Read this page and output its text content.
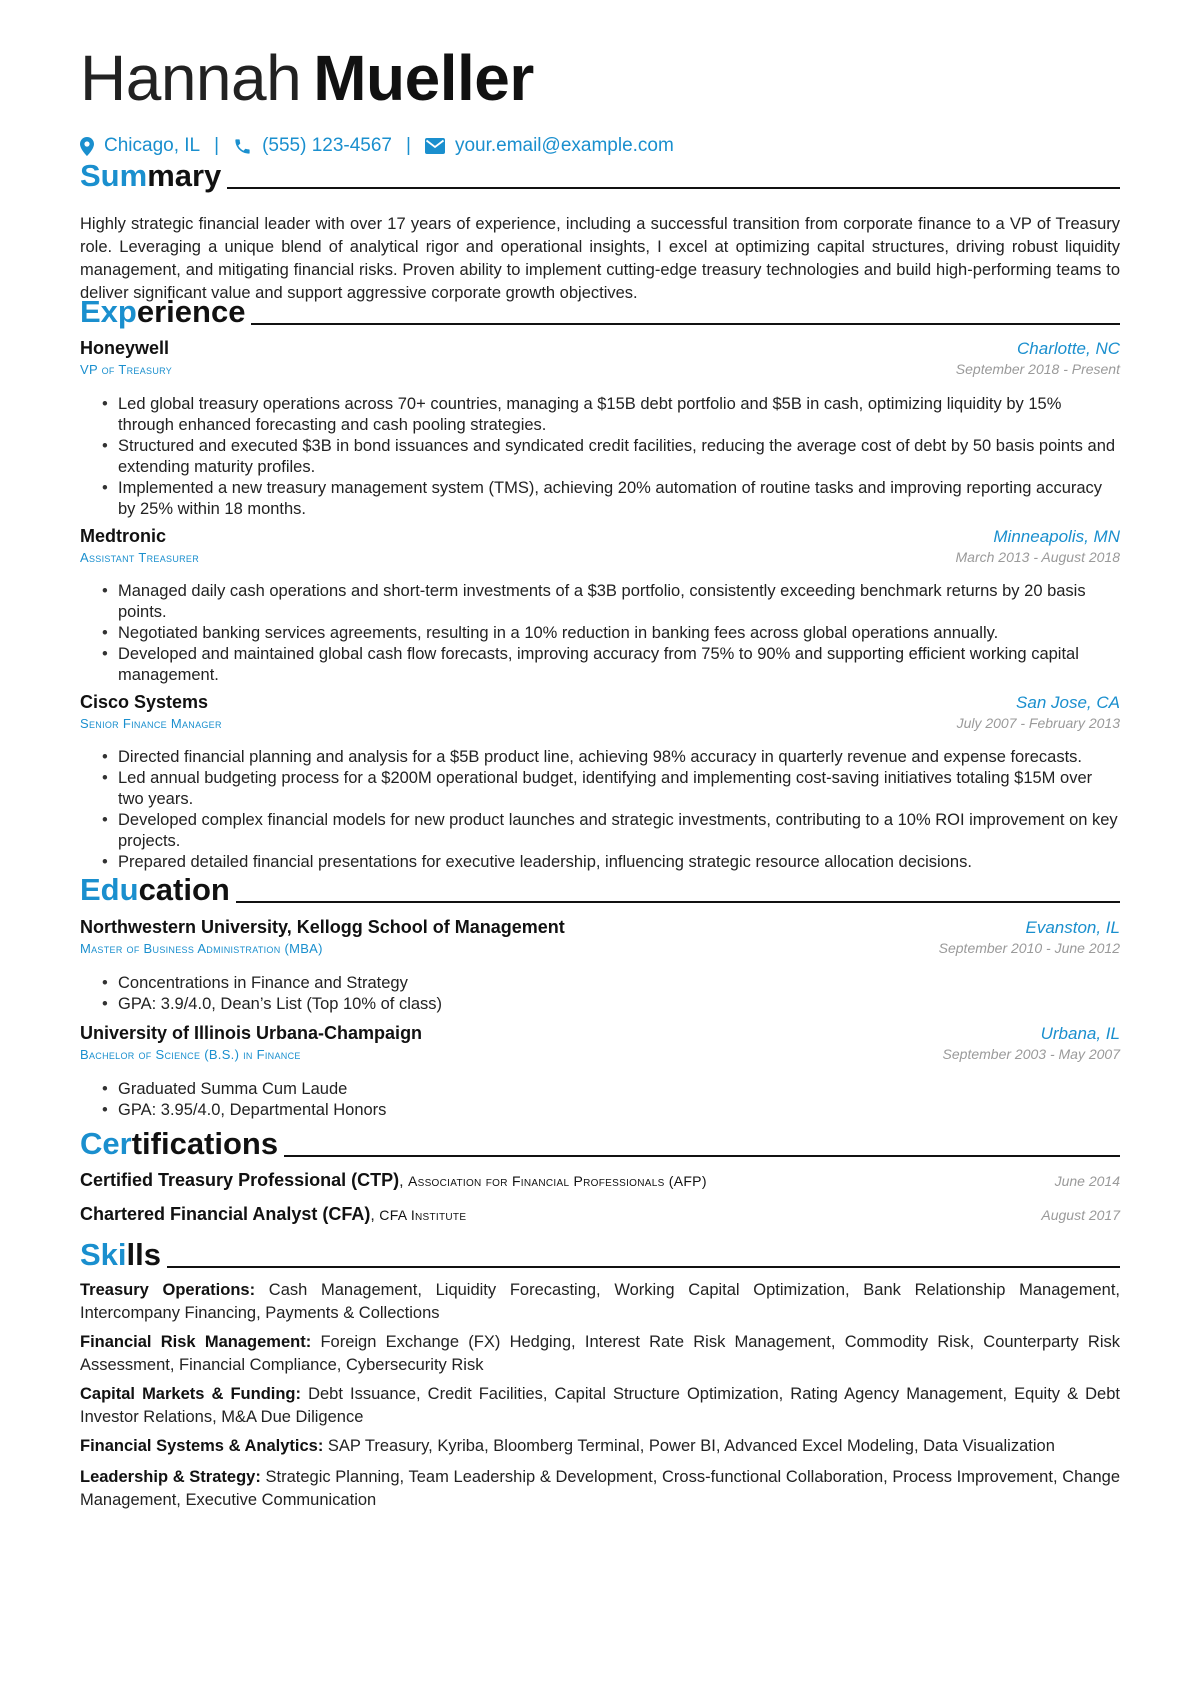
Hannah Mueller
Chicago, IL | (555) 123-4567 | your.email@example.com
Summary
Highly strategic financial leader with over 17 years of experience, including a successful transition from corporate finance to a VP of Treasury role. Leveraging a unique blend of analytical rigor and operational insights, I excel at optimizing capital structures, driving robust liquidity management, and mitigating financial risks. Proven ability to implement cutting-edge treasury technologies and build high-performing teams to deliver significant value and support aggressive corporate growth objectives.
Experience
Honeywell	Charlotte, NC
VP of Treasury	September 2018 - Present
• Led global treasury operations across 70+ countries, managing a $15B debt portfolio and $5B in cash, optimizing liquidity by 15% through enhanced forecasting and cash pooling strategies.
• Structured and executed $3B in bond issuances and syndicated credit facilities, reducing the average cost of debt by 50 basis points and extending maturity profiles.
• Implemented a new treasury management system (TMS), achieving 20% automation of routine tasks and improving reporting accuracy by 25% within 18 months.
Medtronic	Minneapolis, MN
Assistant Treasurer	March 2013 - August 2018
• Managed daily cash operations and short-term investments of a $3B portfolio, consistently exceeding benchmark returns by 20 basis points.
• Negotiated banking services agreements, resulting in a 10% reduction in banking fees across global operations annually.
• Developed and maintained global cash flow forecasts, improving accuracy from 75% to 90% and supporting efficient working capital management.
Cisco Systems	San Jose, CA
Senior Finance Manager	July 2007 - February 2013
• Directed financial planning and analysis for a $5B product line, achieving 98% accuracy in quarterly revenue and expense forecasts.
• Led annual budgeting process for a $200M operational budget, identifying and implementing cost-saving initiatives totaling $15M over two years.
• Developed complex financial models for new product launches and strategic investments, contributing to a 10% ROI improvement on key projects.
• Prepared detailed financial presentations for executive leadership, influencing strategic resource allocation decisions.
Education
Northwestern University, Kellogg School of Management	Evanston, IL
Master of Business Administration (MBA)	September 2010 - June 2012
• Concentrations in Finance and Strategy
• GPA: 3.9/4.0, Dean’s List (Top 10% of class)
University of Illinois Urbana-Champaign	Urbana, IL
Bachelor of Science (B.S.) in Finance	September 2003 - May 2007
• Graduated Summa Cum Laude
• GPA: 3.95/4.0, Departmental Honors
Certifications
Certified Treasury Professional (CTP), Association for Financial Professionals (AFP)	June 2014
Chartered Financial Analyst (CFA), CFA Institute	August 2017
Skills
Treasury Operations: Cash Management, Liquidity Forecasting, Working Capital Optimization, Bank Relationship Management, Intercompany Financing, Payments & Collections
Financial Risk Management: Foreign Exchange (FX) Hedging, Interest Rate Risk Management, Commodity Risk, Counterparty Risk Assessment, Financial Compliance, Cybersecurity Risk
Capital Markets & Funding: Debt Issuance, Credit Facilities, Capital Structure Optimization, Rating Agency Management, Equity & Debt Investor Relations, M&A Due Diligence
Financial Systems & Analytics: SAP Treasury, Kyriba, Bloomberg Terminal, Power BI, Advanced Excel Modeling, Data Visualization
Leadership & Strategy: Strategic Planning, Team Leadership & Development, Cross-functional Collaboration, Process Improvement, Change Management, Executive Communication
